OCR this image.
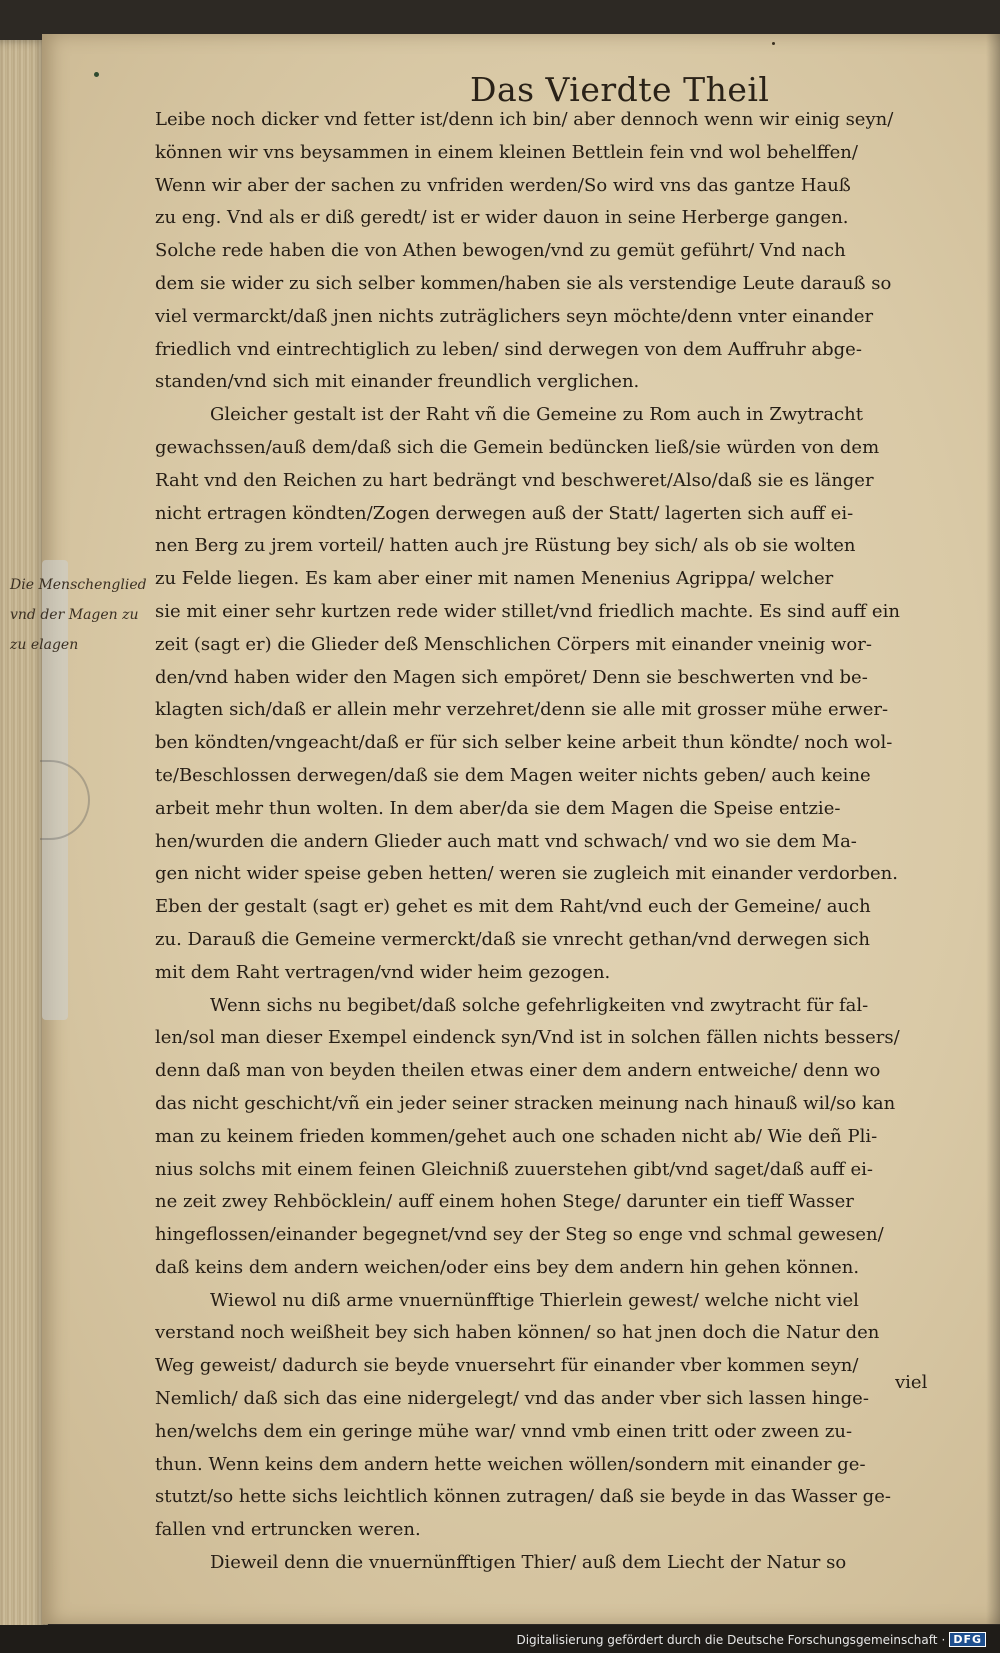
Das Vierdte Theil
Leibe noch dicker vnd fetter ist/denn ich bin/ aber dennoch wenn wir einig seyn/
können wir vns beysammen in einem kleinen Bettlein fein vnd wol behelffen/
Wenn wir aber der sachen zu vnfriden werden/So wird vns das gantze Hauß
zu eng. Vnd als er diß geredt/ ist er wider dauon in seine Herberge gangen.
Solche rede haben die von Athen bewogen/vnd zu gemüt geführt/ Vnd nach
dem sie wider zu sich selber kommen/haben sie als verstendige Leute darauß so
viel vermarckt/daß jnen nichts zuträglichers seyn möchte/denn vnter einander
friedlich vnd eintrechtiglich zu leben/ sind derwegen von dem Auffruhr abge-
standen/vnd sich mit einander freundlich verglichen.
Gleicher gestalt ist der Raht vñ die Gemeine zu Rom auch in Zwytracht
gewachssen/auß dem/daß sich die Gemein bedüncken ließ/sie würden von dem
Raht vnd den Reichen zu hart bedrängt vnd beschweret/Also/daß sie es länger
nicht ertragen köndten/Zogen derwegen auß der Statt/ lagerten sich auff ei-
nen Berg zu jrem vorteil/ hatten auch jre Rüstung bey sich/ als ob sie wolten
zu Felde liegen. Es kam aber einer mit namen Menenius Agrippa/ welcher
sie mit einer sehr kurtzen rede wider stillet/vnd friedlich machte. Es sind auff ein
zeit (sagt er) die Glieder deß Menschlichen Cörpers mit einander vneinig wor-
den/vnd haben wider den Magen sich empöret/ Denn sie beschwerten vnd be-
klagten sich/daß er allein mehr verzehret/denn sie alle mit grosser mühe erwer-
ben köndten/vngeacht/daß er für sich selber keine arbeit thun köndte/ noch wol-
te/Beschlossen derwegen/daß sie dem Magen weiter nichts geben/ auch keine
arbeit mehr thun wolten. In dem aber/da sie dem Magen die Speise entzie-
hen/wurden die andern Glieder auch matt vnd schwach/ vnd wo sie dem Ma-
gen nicht wider speise geben hetten/ weren sie zugleich mit einander verdorben.
Eben der gestalt (sagt er) gehet es mit dem Raht/vnd euch der Gemeine/ auch
zu. Darauß die Gemeine vermerckt/daß sie vnrecht gethan/vnd derwegen sich
mit dem Raht vertragen/vnd wider heim gezogen.
Wenn sichs nu begibet/daß solche gefehrligkeiten vnd zwytracht für fal-
len/sol man dieser Exempel eindenck syn/Vnd ist in solchen fällen nichts bessers/
denn daß man von beyden theilen etwas einer dem andern entweiche/ denn wo
das nicht geschicht/vñ ein jeder seiner stracken meinung nach hinauß wil/so kan
man zu keinem frieden kommen/gehet auch one schaden nicht ab/ Wie deñ Pli-
nius solchs mit einem feinen Gleichniß zuuerstehen gibt/vnd saget/daß auff ei-
ne zeit zwey Rehböcklein/ auff einem hohen Stege/ darunter ein tieff Wasser
hingeflossen/einander begegnet/vnd sey der Steg so enge vnd schmal gewesen/
daß keins dem andern weichen/oder eins bey dem andern hin gehen können.
Wiewol nu diß arme vnuernünfftige Thierlein gewest/ welche nicht viel
verstand noch weißheit bey sich haben können/ so hat jnen doch die Natur den
Weg geweist/ dadurch sie beyde vnuersehrt für einander vber kommen seyn/
Nemlich/ daß sich das eine nidergelegt/ vnd das ander vber sich lassen hinge-
hen/welchs dem ein geringe mühe war/ vnnd vmb einen tritt oder zween zu-
thun. Wenn keins dem andern hette weichen wöllen/sondern mit einander ge-
stutzt/so hette sichs leichtlich können zutragen/ daß sie beyde in das Wasser ge-
fallen vnd ertruncken weren.
Dieweil denn die vnuernünfftigen Thier/ auß dem Liecht der Natur so
viel
Die Menschenglied
vnd der Magen zu
zu elagen
Digitalisierung gefördert durch die Deutsche Forschungsgemeinschaft · DFG
